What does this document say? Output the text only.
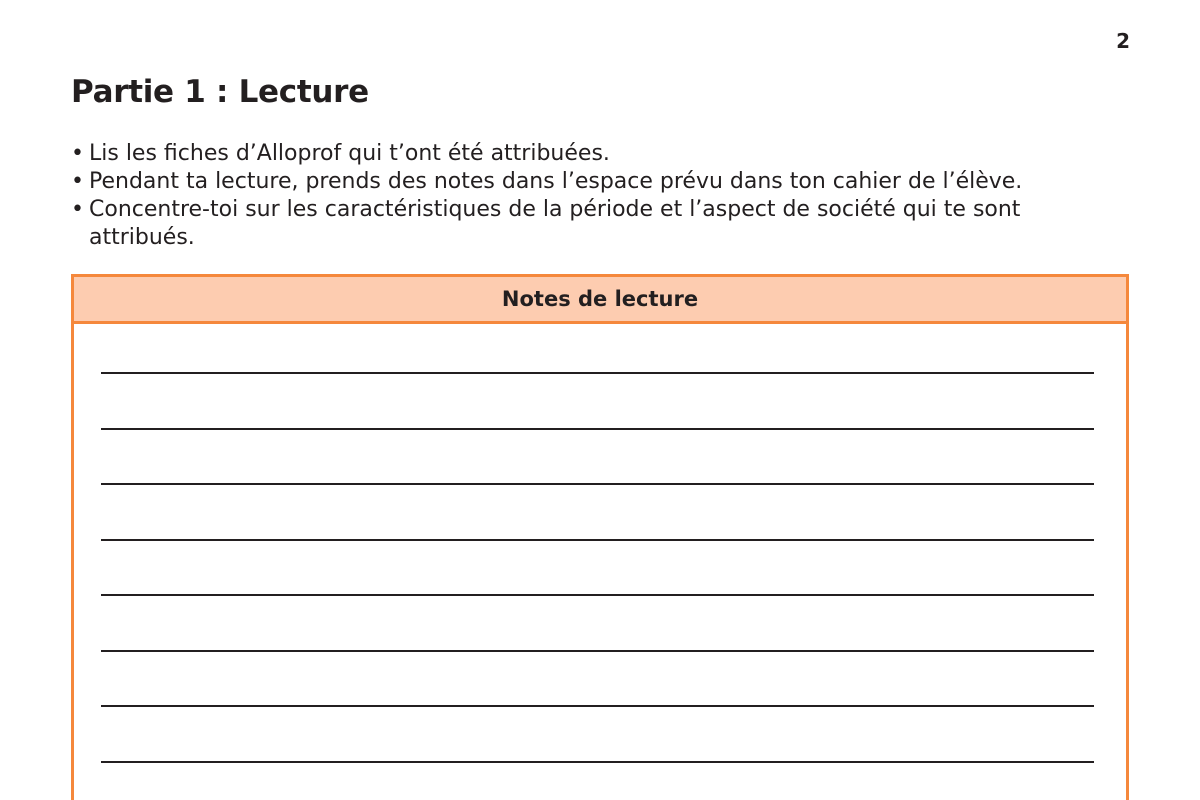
2
Partie 1 : Lecture
• Lis les fiches d’Alloprof qui t’ont été attribuées.
• Pendant ta lecture, prends des notes dans l’espace prévu dans ton cahier de l’élève.
• Concentre-toi sur les caractéristiques de la période et l’aspect de société qui te sont attribués.
Notes de lecture
